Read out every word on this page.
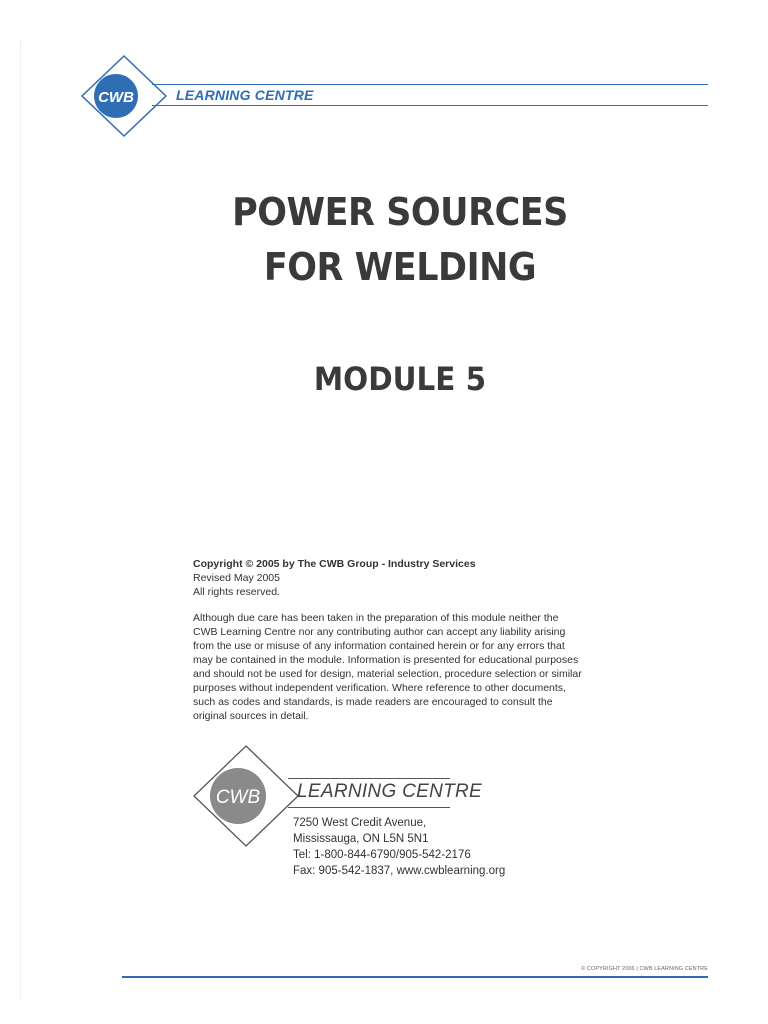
CWB	LEARNING CENTRE
POWER SOURCES
FOR WELDING
MODULE 5

Copyright © 2005 by The CWB Group - Industry Services

Revised May 2005

All rights reserved.

Although due care has been taken in the preparation of this module neither the
CWB Learning Centre nor any contributing author can accept any liability arising
from the use or misuse of any information contained herein or for any errors that
may be contained in the module. Information is presented for educational purposes
and should not be used for design, material selection, procedure selection or similar
purposes without independent verification. Where reference to other documents,
such as codes and standards, is made readers are encouraged to consult the
original sources in detail.
CWB LEARNING CENTRE
7250 West Credit Avenue,
Mississauga, ON L5N 5N1
Tel: 1-800-844-6790/905-542-2176
Fax: 905-542-1837, www.cwblearning.org
© COPYRIGHT 2006 | CWB LEARNING CENTRE
